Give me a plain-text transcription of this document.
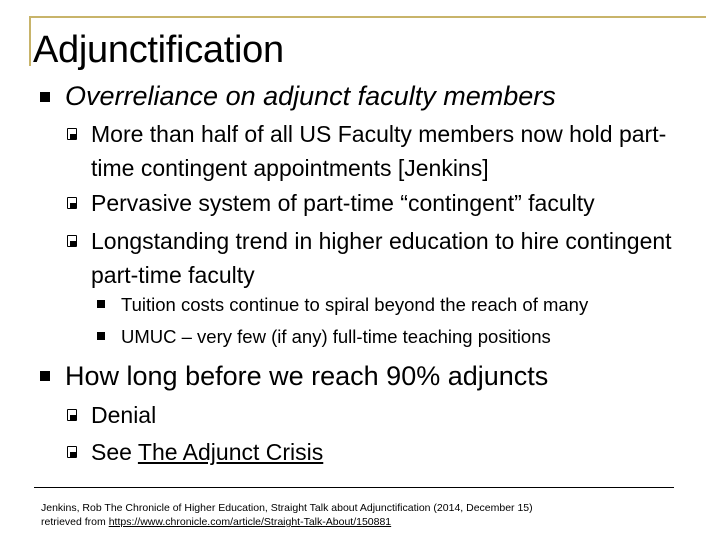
Adjunctification
Overreliance on adjunct faculty members
More than half of all US Faculty members now hold part-time contingent appointments [Jenkins]
Pervasive system of part-time “contingent” faculty
Longstanding trend in higher education to hire contingent part-time faculty
Tuition costs continue to spiral beyond the reach of many
UMUC – very few (if any) full-time teaching positions
How long before we reach 90% adjuncts
Denial
See The Adjunct Crisis
Jenkins, Rob The Chronicle of Higher Education, Straight Talk about Adjunctification (2014, December 15)
retrieved from https://www.chronicle.com/article/Straight-Talk-About/150881
